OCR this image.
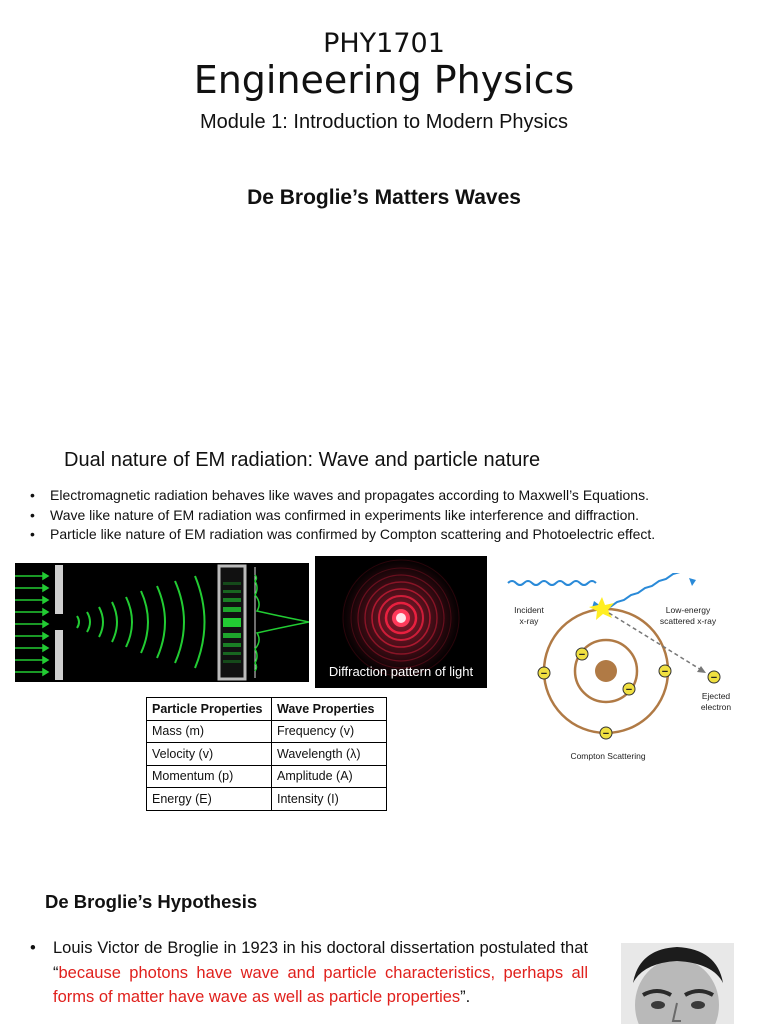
PHY1701
Engineering Physics
Module 1: Introduction to Modern Physics
De Broglie’s Matters Waves
Dual nature of EM radiation: Wave and particle nature
• Electromagnetic radiation behaves like waves and propagates according to Maxwell’s Equations.
• Wave like nature of EM radiation was confirmed in experiments like interference and diffraction.
• Particle like nature of EM radiation was confirmed by Compton scattering and Photoelectric effect.
Diffraction pattern of light
−
−
−	−
−
−
Incident
x-ray
Low-energy
scattered x-ray
Ejected
electron
Compton Scattering
Particle Properties	Wave Properties
Mass (m)	Frequency (v)
Velocity (v)	Wavelength (λ)
Momentum (p)	Amplitude (A)
Energy (E)	Intensity (I)
De Broglie’s Hypothesis
•	Louis Victor de Broglie in 1923 in his doctoral dissertation postulated that “because photons have wave and particle characteristics, perhaps all forms of matter have wave as well as particle properties”.
